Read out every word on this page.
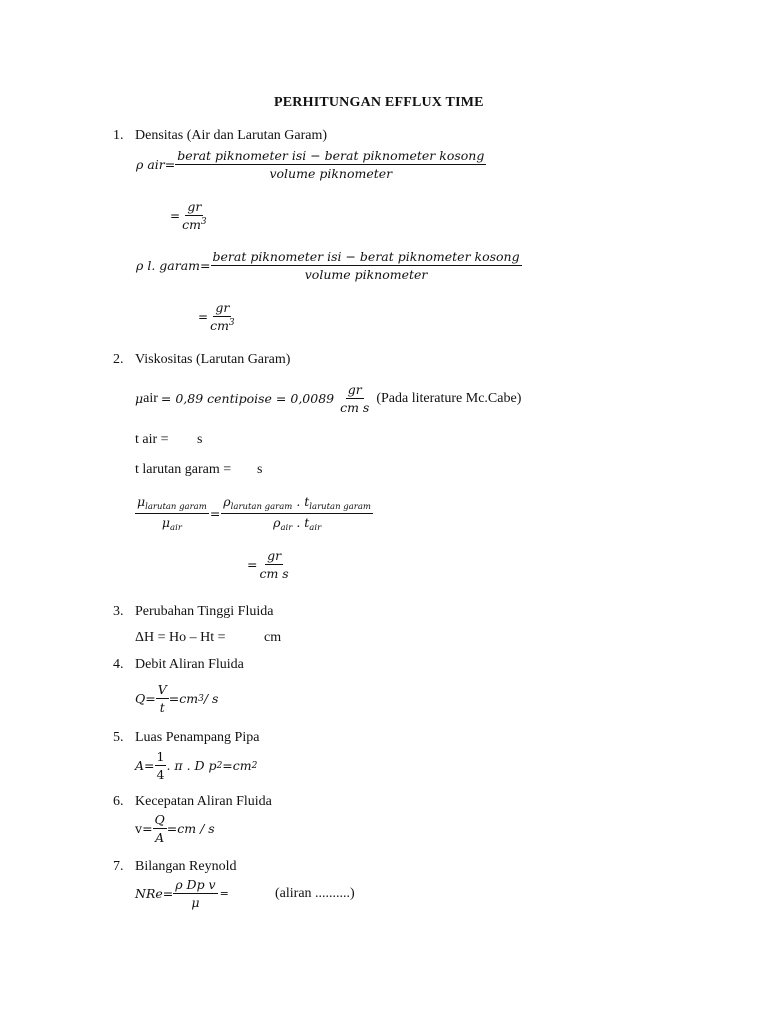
PERHITUNGAN EFFLUX TIME
1. Densitas (Air dan Larutan Garam)
ρ air = $\frac{\text{berat piknometer isi − berat piknometer kosong}}{\text{volume piknometer}}$
= $\frac{gr}{cm^3}$
ρ l. garam = $\frac{\text{berat piknometer isi − berat piknometer kosong}}{\text{volume piknometer}}$
= $\frac{gr}{cm^3}$
2. Viskositas (Larutan Garam)
μ air = 0,89 centipoise = $0,0089 \frac{gr}{\text{cm s}}$ (Pada literature Mc.Cabe)
t air = s
t larutan garam = s
$\frac{\mu_{larutan garam}}{\mu_{air}} = \frac{\rho_{larutan garam} . t_{larutan garam}}{\rho_{air} . t_{air}}$
= $\frac{gr}{\text{cm s}}$
3. Perubahan Tinggi Fluida
ΔH = Ho – Ht =	cm
4. Debit Aliran Fluida
$Q = \frac{V}{t}$ = cm 3 / s
5. Luas Penampang Pipa
$A = \frac{1}{4}$ . π . D p 2 = cm 2
6. Kecepatan Aliran Fluida
$v = \frac{Q}{A}$ = cm / s
7. Bilangan Reynold
NRe = $\frac{\text{ρ Dp v}}{\mu}$ =	(aliran ..........)
